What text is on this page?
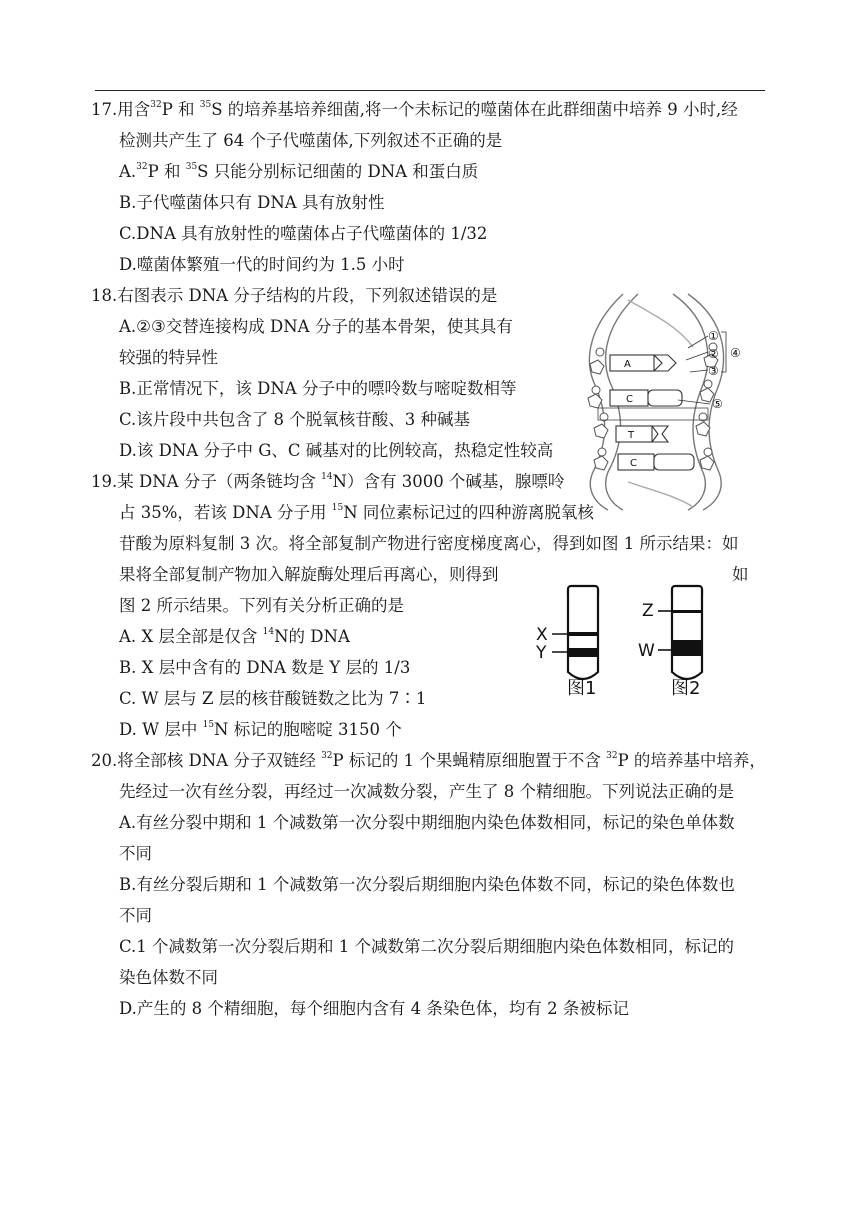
17.用含$^{32}$P 和 $^{35}$S 的培养基培养细菌,将一个未标记的噬菌体在此群细菌中培养 9 小时,经
检测共产生了 64 个子代噬菌体,下列叙述不正确的是
A.$^{32}$P 和 $^{35}$S 只能分别标记细菌的 DNA 和蛋白质
B.子代噬菌体只有 DNA 具有放射性
C.DNA 具有放射性的噬菌体占子代噬菌体的 1/32
D.噬菌体繁殖一代的时间约为 1.5 小时
18.右图表示 DNA 分子结构的片段，下列叙述错误的是
A.②③交替连接构成 DNA 分子的基本骨架，使其具有
较强的特异性
B.正常情况下，该 DNA 分子中的嘌呤数与嘧啶数相等
C.该片段中共包含了 8 个脱氧核苷酸、3 种碱基
D.该 DNA 分子中 G、C 碱基对的比例较高，热稳定性较高
A
C
T
C
①
②
③
④
⑤
19.某 DNA 分子（两条链均含 $^{14}$N）含有 3000 个碱基，腺嘌呤
占 35%，若该 DNA 分子用 $^{15}$N 同位素标记过的四种游离脱氧核
苷酸为原料复制 3 次。将全部复制产物进行密度梯度离心，得到如图 1 所示结果：如
果将全部复制产物加入解旋酶处理后再离心，则得到	如
图 2 所示结果。下列有关分析正确的是
A. X 层全部是仅含 $^{14}$N的 DNA
B. X 层中含有的 DNA 数是 Y 层的 1/3
C. W 层与 Z 层的核苷酸链数之比为 7∶1
D. W 层中 $^{15}$N 标记的胞嘧啶 3150 个
X
Y
图1
Z
W
图2
20.将全部核 DNA 分子双链经 $^{32}$P 标记的 1 个果蝇精原细胞置于不含 $^{32}$P 的培养基中培养，
先经过一次有丝分裂，再经过一次减数分裂，产生了 8 个精细胞。下列说法正确的是
A.有丝分裂中期和 1 个减数第一次分裂中期细胞内染色体数相同，标记的染色单体数
不同
B.有丝分裂后期和 1 个减数第一次分裂后期细胞内染色体数不同，标记的染色体数也
不同
C.1 个减数第一次分裂后期和 1 个减数第二次分裂后期细胞内染色体数相同，标记的
染色体数不同
D.产生的 8 个精细胞，每个细胞内含有 4 条染色体，均有 2 条被标记
